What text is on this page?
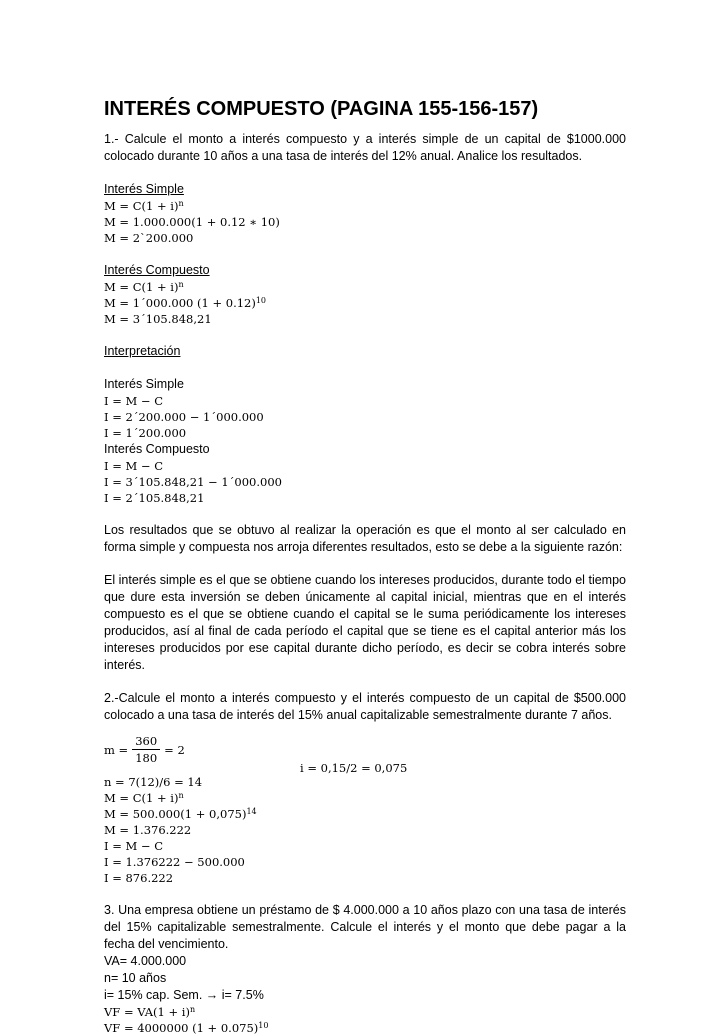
INTERÉS COMPUESTO (PAGINA 155-156-157)
1.- Calcule el monto a interés compuesto y a interés simple de un capital de $1000.000 colocado durante 10 años a una tasa de interés del 12% anual. Analice los resultados.
Interés Simple
$M = C(1 + i)^n$
M = 1.000.000(1 + 0.12 ∗ 10)
M = 2`200.000
Interés Compuesto
$M = C(1 + i)^n$
M = 1´000.000 $(1 + 0.12)^{10}$
M = 3´105.848,21
Interpretación
Interés Simple
I = M − C
I = 2´200.000 − 1´000.000
I = 1´200.000
Interés Compuesto
I = M − C
I = 3´105.848,21 − 1´000.000
I = 2´105.848,21
Los resultados que se obtuvo al realizar la operación es que el monto al ser calculado en forma simple y compuesta nos arroja diferentes resultados, esto se debe a la siguiente razón:
El interés simple es el que se obtiene cuando los intereses producidos, durante todo el tiempo que dure esta inversión se deben únicamente al capital inicial, mientras que en el interés compuesto es el que se obtiene cuando el capital se le suma periódicamente los intereses producidos, así al final de cada período el capital que se tiene es el capital anterior más los intereses producidos por ese capital durante dicho período, es decir se cobra interés sobre interés.
2.-Calcule el monto a interés compuesto y el interés compuesto de un capital de $500.000 colocado a una tasa de interés del 15% anual capitalizable semestralmente durante 7 años.
$m = \frac{360}{180} = 2$
i = 0,15/2 = 0,075
n = 7(12)/6 = 14
$M = C(1 + i)^n$
$M = 500.000(1 + 0,075)^{14}$
M = 1.376.222
I = M − C
I = 1.376222 − 500.000
I = 876.222
3. Una empresa obtiene un préstamo de $ 4.000.000 a 10 años plazo con una tasa de interés del 15% capitalizable semestralmente. Calcule el interés y el monto que debe pagar a la fecha del vencimiento.
VA= 4.000.000
n= 10 años
i= 15% cap. Sem. → i= 7.5%
VF = $VA(1 + i)^n$
VF = 4000000 $(1 + 0.075)^{10}$
